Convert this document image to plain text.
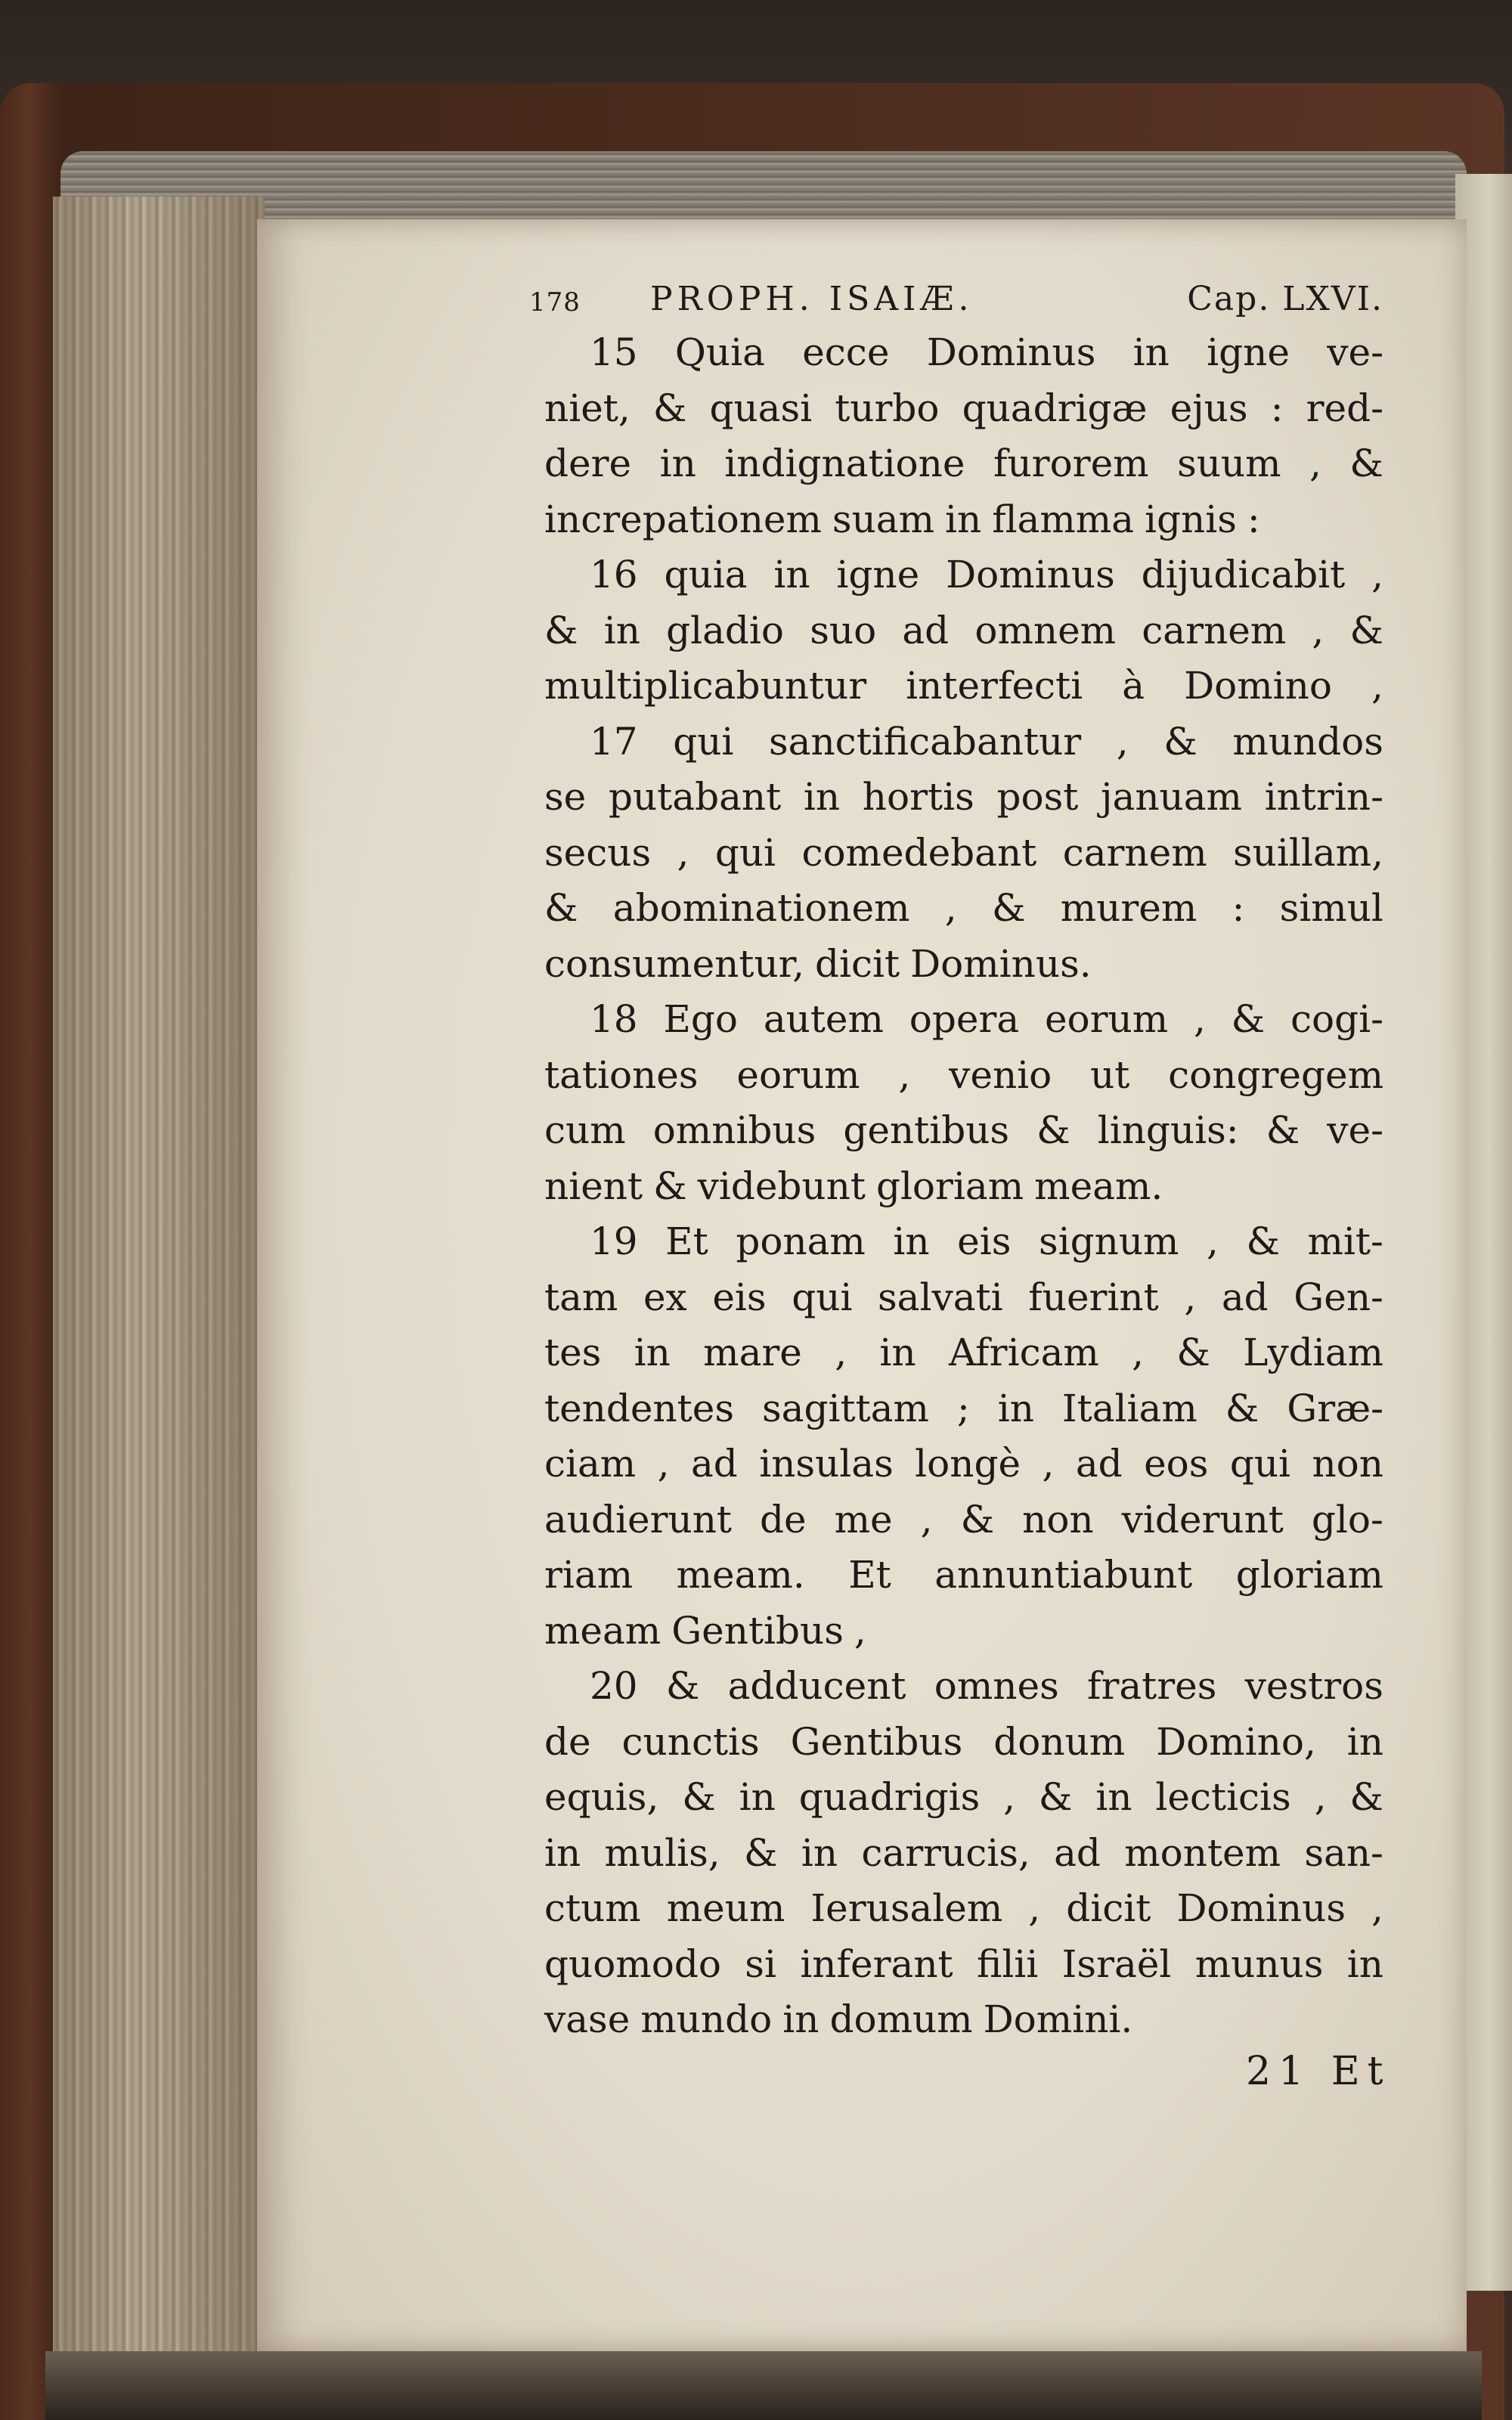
178 PROPH. ISAIÆ.	Cap. LXVI.
15 Quia ecce Dominus in igne ve-
niet, & quasi turbo quadrigæ ejus : red-
dere in indignatione furorem suum , &
increpationem suam in flamma ignis :
16 quia in igne Dominus dijudicabit ,
& in gladio suo ad omnem carnem , &
multiplicabuntur interfecti à Domino ,
17 qui sanctificabantur , & mundos
se putabant in hortis post januam intrin-
secus , qui comedebant carnem suillam,
& abominationem , & murem : simul
consumentur, dicit Dominus.
18 Ego autem opera eorum , & cogi-
tationes eorum , venio ut congregem
cum omnibus gentibus & linguis: & ve-
nient & videbunt gloriam meam.
19 Et ponam in eis signum , & mit-
tam ex eis qui salvati fuerint , ad Gen-
tes in mare , in Africam , & Lydiam
tendentes sagittam ; in Italiam & Græ-
ciam , ad insulas longè , ad eos qui non
audierunt de me , & non viderunt glo-
riam meam. Et annuntiabunt gloriam
meam Gentibus ,
20 & adducent omnes fratres vestros
de cunctis Gentibus donum Domino, in
equis, & in quadrigis , & in lecticis , &
in mulis, & in carrucis, ad montem san-
ctum meum Ierusalem , dicit Dominus ,
quomodo si inferant filii Israël munus in
vase mundo in domum Domini.
21 Et
